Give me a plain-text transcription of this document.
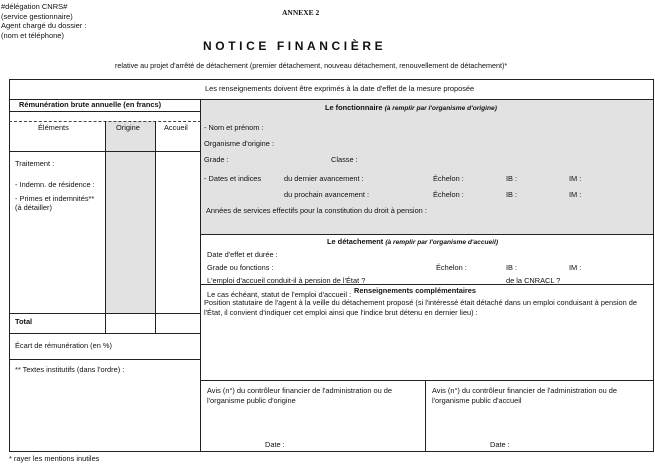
#délégation CNRS#
(service gestionnaire)
Agent chargé du dossier :
(nom et téléphone)
ANNEXE 2
NOTICE FINANCIÈRE
relative au projet d'arrêté de détachement (premier détachement, nouveau détachement, renouvellement de détachement)*
Les renseignements doivent être exprimés à la date d'effet de la mesure proposée
Rémunération brute annuelle (en francs)
Éléments	Origine	Accueil
Traitement :
- Indemn. de résidence :
- Primes et indemnités**
(à détailler)
Total
Écart de rémunération (en %)
** Textes institutifs (dans l'ordre) :
Le fonctionnaire (à remplir par l'organisme d'origine)
- Nom et prénom :
Organisme d'origine :
Grade :	Classe :
- Dates et indices	du dernier avancement :	Échelon :	IB :	IM :
du prochain avancement :	Échelon :	IB :	IM :
Années de services effectifs pour la constitution du droit à pension :
Le détachement (à remplir par l'organisme d'accueil)
Date d'effet et durée :
Grade ou fonctions :	Échelon :	IB :	IM :
L'emploi d'accueil conduit-il à pension de l'État ?	de la CNRACL ?
Le cas échéant, statut de l'emploi d'accueil : Renseignements complémentaires
Position statutaire de l'agent à la veille du détachement proposé (si l'intéressé était détaché dans un emploi conduisant à pension de l'État, il convient d'indiquer cet emploi ainsi que l'indice brut détenu en dernier lieu) :
Avis (n°) du contrôleur financier de l'administration ou de l'organisme public d'origine
Avis (n°) du contrôleur financier de l'administration ou de l'organisme public d'accueil
Date :	Date :
* rayer les mentions inutiles
